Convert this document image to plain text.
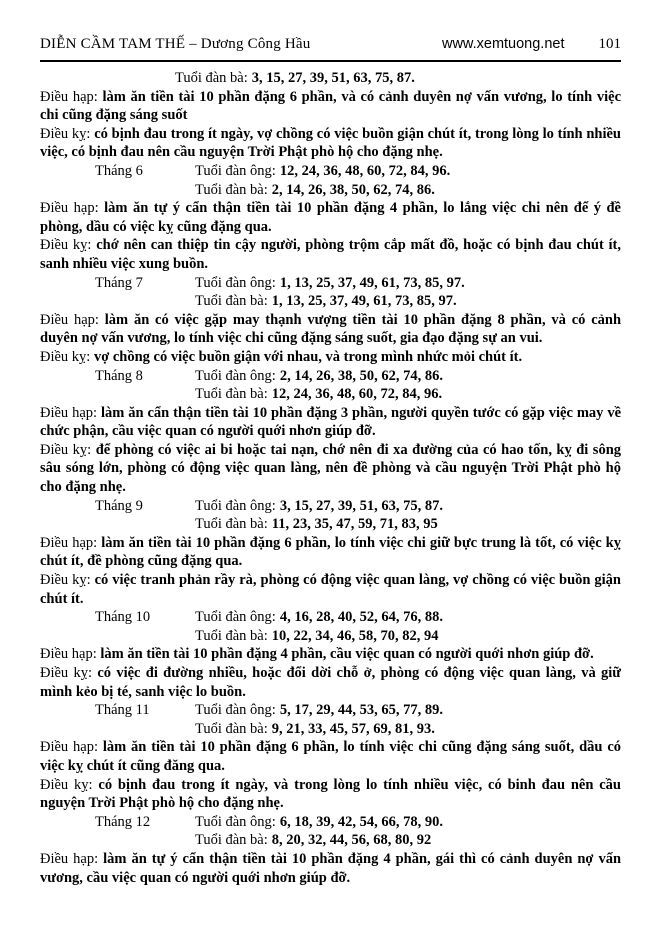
DIỄN CẦM TAM THẾ – Dương Công Hầu	www.xemtuong.net 101
Tuổi đàn bà: 3, 15, 27, 39, 51, 63, 75, 87.

Điều hạp: làm ăn tiền tài 10 phần đặng 6 phần, và có cảnh duyên nợ vấn vương, lo tính việc chi cũng đặng sáng suốt

Điều kỵ: có bịnh đau trong ít ngày, vợ chồng có việc buồn giận chút ít, trong lòng lo tính nhiều việc, có bịnh đau nên cầu nguyện Trời Phật phò hộ cho đặng nhẹ.

Tháng 6	Tuổi đàn ông: 12, 24, 36, 48, 60, 72, 84, 96.
Tuổi đàn bà: 2, 14, 26, 38, 50, 62, 74, 86.

Điều hạp: làm ăn tự ý cẩn thận tiền tài 10 phần đặng 4 phần, lo lắng việc chi nên để ý đề phòng, dầu có việc kỵ cũng đặng qua.

Điều kỵ: chớ nên can thiệp tin cậy người, phòng trộm cắp mất đồ, hoặc có bịnh đau chút ít, sanh nhiều việc xung buồn.

Tháng 7	Tuổi đàn ông: 1, 13, 25, 37, 49, 61, 73, 85, 97.
Tuổi đàn bà: 1, 13, 25, 37, 49, 61, 73, 85, 97.

Điều hạp: làm ăn có việc gặp may thạnh vượng tiền tài 10 phần đặng 8 phần, và có cảnh duyên nợ vấn vương, lo tính việc chi cũng đặng sáng suốt, gia đạo đặng sự an vui.

Điều kỵ: vợ chồng có việc buồn giận với nhau, và trong mình nhức mỏi chút ít.

Tháng 8	Tuổi đàn ông: 2, 14, 26, 38, 50, 62, 74, 86.
Tuổi đàn bà: 12, 24, 36, 48, 60, 72, 84, 96.

Điều hạp: làm ăn cẩn thận tiền tài 10 phần đặng 3 phần, người quyền tước có gặp việc may về chức phận, cầu việc quan có người quới nhơn giúp đỡ.

Điều kỵ: để phòng có việc ai bi hoặc tai nạn, chớ nên đi xa đường của có hao tốn, kỵ đi sông sâu sóng lớn, phòng có động việc quan làng, nên đề phòng và cầu nguyện Trời Phật phò hộ cho đặng nhẹ.

Tháng 9	Tuổi đàn ông: 3, 15, 27, 39, 51, 63, 75, 87.
Tuổi đàn bà: 11, 23, 35, 47, 59, 71, 83, 95

Điều hạp: làm ăn tiền tài 10 phần đặng 6 phần, lo tính việc chi giữ bực trung là tốt, có việc kỵ chút ít, đề phòng cũng đặng qua.

Điều kỵ: có việc tranh phản rầy rà, phòng có động việc quan làng, vợ chồng có việc buồn giận chút ít.

Tháng 10	Tuổi đàn ông: 4, 16, 28, 40, 52, 64, 76, 88.
Tuổi đàn bà: 10, 22, 34, 46, 58, 70, 82, 94

Điều hạp: làm ăn tiền tài 10 phần đặng 4 phần, cầu việc quan có người quới nhơn giúp đỡ.

Điều kỵ: có việc đi đường nhiều, hoặc đổi dời chỗ ở, phòng có động việc quan làng, và giữ mình kẻo bị té, sanh việc lo buồn.

Tháng 11	Tuổi đàn ông: 5, 17, 29, 44, 53, 65, 77, 89.
Tuổi đàn bà: 9, 21, 33, 45, 57, 69, 81, 93.

Điều hạp: làm ăn tiền tài 10 phần đặng 6 phần, lo tính việc chi cũng đặng sáng suốt, dầu có việc kỵ chút ít cũng đăng qua.

Điều kỵ: có bịnh đau trong ít ngày, và trong lòng lo tính nhiều việc, có binh đau nên cầu nguyện Trời Phật phò hộ cho đặng nhẹ.

Tháng 12	Tuổi đàn ông: 6, 18, 39, 42, 54, 66, 78, 90.
Tuổi đàn bà: 8, 20, 32, 44, 56, 68, 80, 92

Điều hạp: làm ăn tự ý cẩn thận tiền tài 10 phần đặng 4 phần, gái thì có cảnh duyên nợ vấn vương, cầu việc quan có người quới nhơn giúp đỡ.
